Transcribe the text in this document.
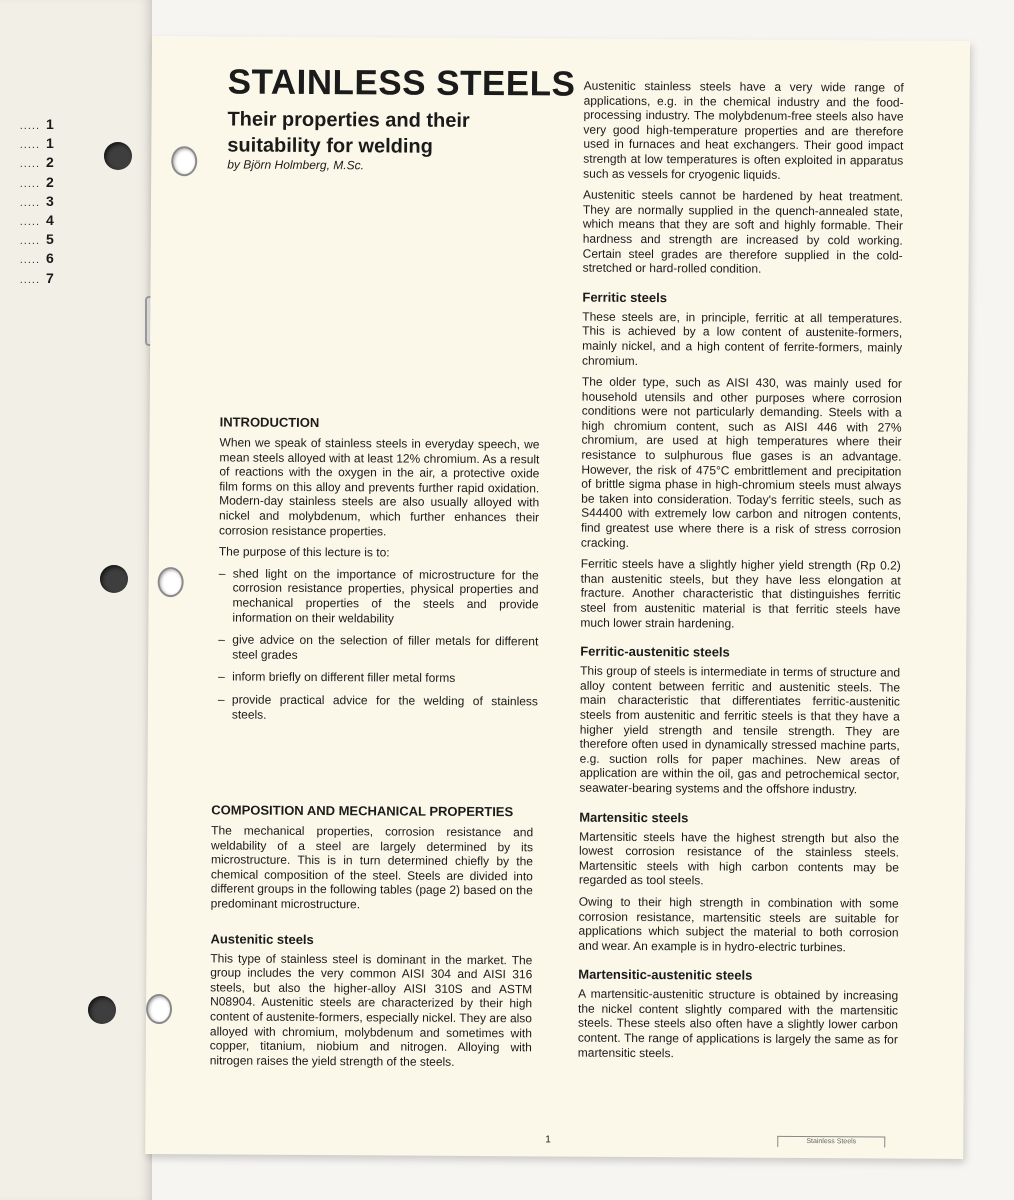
..... 1
..... 1
..... 2
..... 2
..... 3
..... 4
..... 5
..... 6
..... 7
STAINLESS STEELS
Their properties and their suitability for welding
by Björn Holmberg, M.Sc.
INTRODUCTION

When we speak of stainless steels in everyday speech, we mean steels alloyed with at least 12% chromium. As a result of reactions with the oxygen in the air, a protective oxide film forms on this alloy and prevents further rapid oxidation. Modern-day stainless steels are also usually alloyed with nickel and molybdenum, which further enhances their corrosion resistance properties.

The purpose of this lecture is to:

– shed light on the importance of microstructure for the corrosion resistance properties, physical properties and mechanical properties of the steels and provide information on their weldability
– give advice on the selection of filler metals for different steel grades
– inform briefly on different filler metal forms
– provide practical advice for the welding of stainless steels.
COMPOSITION AND MECHANICAL PROPERTIES

The mechanical properties, corrosion resistance and weldability of a steel are largely determined by its microstructure. This is in turn determined chiefly by the chemical composition of the steel. Steels are divided into different groups in the following tables (page 2) based on the predominant microstructure.

Austenitic steels

This type of stainless steel is dominant in the market. The group includes the very common AISI 304 and AISI 316 steels, but also the higher-alloy AISI 310S and ASTM N08904. Austenitic steels are characterized by their high content of austenite-formers, especially nickel. They are also alloyed with chromium, molybdenum and sometimes with copper, titanium, niobium and nitrogen. Alloying with nitrogen raises the yield strength of the steels.

Austenitic stainless steels have a very wide range of applications, e.g. in the chemical industry and the food-processing industry. The molybdenum-free steels also have very good high-temperature properties and are therefore used in furnaces and heat exchangers. Their good impact strength at low temperatures is often exploited in apparatus such as vessels for cryogenic liquids.

Austenitic steels cannot be hardened by heat treatment. They are normally supplied in the quench-annealed state, which means that they are soft and highly formable. Their hardness and strength are increased by cold working. Certain steel grades are therefore supplied in the cold-stretched or hard-rolled condition.

Ferritic steels

These steels are, in principle, ferritic at all temperatures. This is achieved by a low content of austenite-formers, mainly nickel, and a high content of ferrite-formers, mainly chromium.

The older type, such as AISI 430, was mainly used for household utensils and other purposes where corrosion conditions were not particularly demanding. Steels with a high chromium content, such as AISI 446 with 27% chromium, are used at high temperatures where their resistance to sulphurous flue gases is an advantage. However, the risk of 475°C embrittlement and precipitation of brittle sigma phase in high-chromium steels must always be taken into consideration. Today's ferritic steels, such as S44400 with extremely low carbon and nitrogen contents, find greatest use where there is a risk of stress corrosion cracking.

Ferritic steels have a slightly higher yield strength (Rp 0.2) than austenitic steels, but they have less elongation at fracture. Another characteristic that distinguishes ferritic steel from austenitic material is that ferritic steels have much lower strain hardening.

Ferritic-austenitic steels

This group of steels is intermediate in terms of structure and alloy content between ferritic and austenitic steels. The main characteristic that differentiates ferritic-austenitic steels from austenitic and ferritic steels is that they have a higher yield strength and tensile strength. They are therefore often used in dynamically stressed machine parts, e.g. suction rolls for paper machines. New areas of application are within the oil, gas and petrochemical sector, seawater-bearing systems and the offshore industry.

Martensitic steels

Martensitic steels have the highest strength but also the lowest corrosion resistance of the stainless steels. Martensitic steels with high carbon contents may be regarded as tool steels.

Owing to their high strength in combination with some corrosion resistance, martensitic steels are suitable for applications which subject the material to both corrosion and wear. An example is in hydro-electric turbines.

Martensitic-austenitic steels

A martensitic-austenitic structure is obtained by increasing the nickel content slightly compared with the martensitic steels. These steels also often have a slightly lower carbon content. The range of applications is largely the same as for martensitic steels.

1	Stainless Steels
